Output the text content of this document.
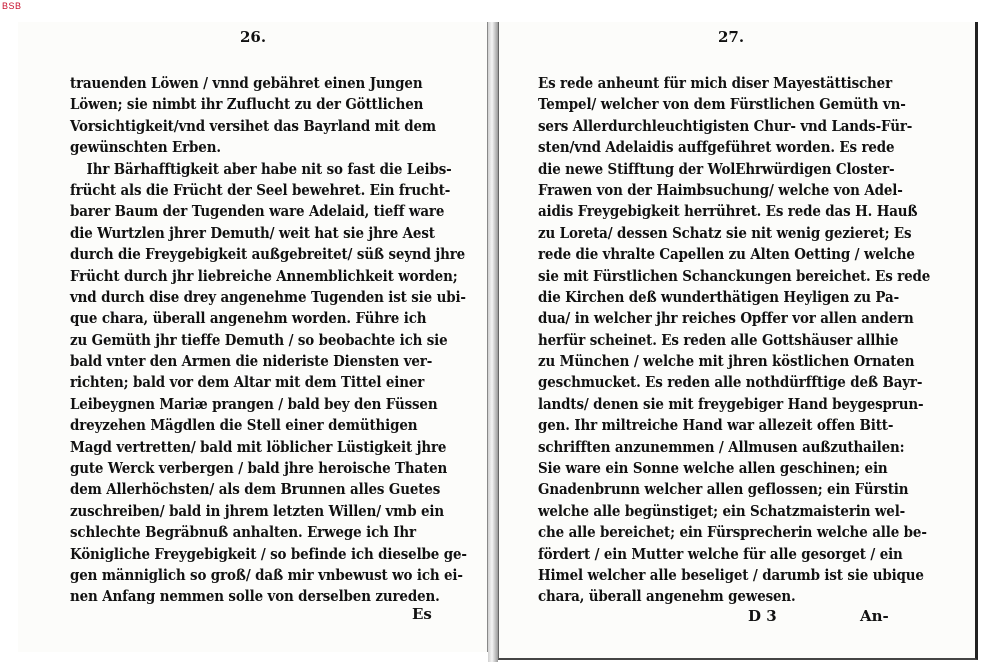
BSB
26.	27.
trauenden Löwen / vnnd gebähret einen Jungen
Löwen; sie nimbt ihr Zuflucht zu der Göttlichen
Vorsichtigkeit/vnd versihet das Bayrland mit dem
gewünschten Erben.
Ihr Bärhafftigkeit aber habe nit so fast die Leibs-
frücht als die Frücht der Seel bewehret. Ein frucht-
barer Baum der Tugenden ware Adelaid, tieff ware
die Wurtzlen jhrer Demuth/ weit hat sie jhre Aest
durch die Freygebigkeit außgebreitet/ süß seynd jhre
Frücht durch jhr liebreiche Annemblichkeit worden;
vnd durch dise drey angenehme Tugenden ist sie ubi-
que chara, überall angenehm worden. Führe ich
zu Gemüth jhr tieffe Demuth / so beobachte ich sie
bald vnter den Armen die nideriste Diensten ver-
richten; bald vor dem Altar mit dem Tittel einer
Leibeygnen Mariæ prangen / bald bey den Füssen
dreyzehen Mägdlen die Stell einer demüthigen
Magd vertretten/ bald mit löblicher Lüstigkeit jhre
gute Werck verbergen / bald jhre heroische Thaten
dem Allerhöchsten/ als dem Brunnen alles Guetes
zuschreiben/ bald in jhrem letzten Willen/ vmb ein
schlechte Begräbnuß anhalten. Erwege ich Ihr
Königliche Freygebigkeit / so befinde ich dieselbe ge-
gen männiglich so groß/ daß mir vnbewust wo ich ei-
nen Anfang nemmen solle von derselben zureden.
Es
Es rede anheunt für mich diser Mayestättischer
Tempel/ welcher von dem Fürstlichen Gemüth vn-
sers Allerdurchleuchtigisten Chur- vnd Lands-Für-
sten/vnd Adelaidis auffgeführet worden. Es rede
die newe Stifftung der WolEhrwürdigen Closter-
Frawen von der Haimbsuchung/ welche von Adel-
aidis Freygebigkeit herrühret. Es rede das H. Hauß
zu Loreta/ dessen Schatz sie nit wenig gezieret; Es
rede die vhralte Capellen zu Alten Oetting / welche
sie mit Fürstlichen Schanckungen bereichet. Es rede
die Kirchen deß wunderthätigen Heyligen zu Pa-
dua/ in welcher jhr reiches Opffer vor allen andern
herfür scheinet. Es reden alle Gottshäuser allhie
zu München / welche mit jhren köstlichen Ornaten
geschmucket. Es reden alle nothdürfftige deß Bayr-
landts/ denen sie mit freygebiger Hand beygesprun-
gen. Ihr miltreiche Hand war allezeit offen Bitt-
schrifften anzunemmen / Allmusen außzuthailen:
Sie ware ein Sonne welche allen geschinen; ein
Gnadenbrunn welcher allen geflossen; ein Fürstin
welche alle begünstiget; ein Schatzmaisterin wel-
che alle bereichet; ein Fürsprecherin welche alle be-
fördert / ein Mutter welche für alle gesorget / ein
Himel welcher alle beseliget / darumb ist sie ubique
chara, überall angenehm gewesen.
D 3	An-
